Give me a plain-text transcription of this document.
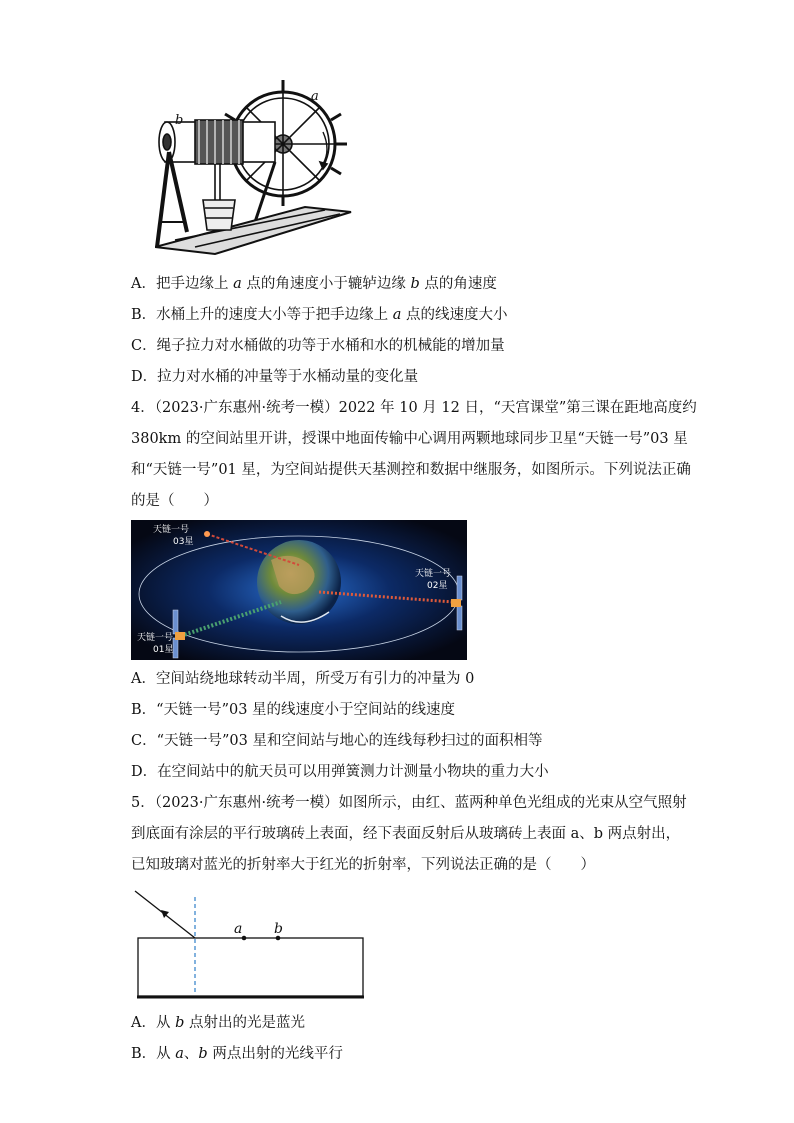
a
b
A．把手边缘上 a 点的角速度小于辘轳边缘 b 点的角速度
B．水桶上升的速度大小等于把手边缘上 a 点的线速度大小
C．绳子拉力对水桶做的功等于水桶和水的机械能的增加量
D．拉力对水桶的冲量等于水桶动量的变化量
4．（2023·广东惠州·统考一模）2022 年 10 月 12 日，“天宫课堂”第三课在距地高度约
380km 的空间站里开讲，授课中地面传输中心调用两颗地球同步卫星“天链一号”03 星
和“天链一号”01 星，为空间站提供天基测控和数据中继服务，如图所示。下列说法正确
的是（　　）
天链一号
03星
天链一号
02星
天链一号
01星
A．空间站绕地球转动半周，所受万有引力的冲量为 0
B．“天链一号”03 星的线速度小于空间站的线速度
C．“天链一号”03 星和空间站与地心的连线每秒扫过的面积相等
D．在空间站中的航天员可以用弹簧测力计测量小物块的重力大小
5．（2023·广东惠州·统考一模）如图所示，由红、蓝两种单色光组成的光束从空气照射
到底面有涂层的平行玻璃砖上表面，经下表面反射后从玻璃砖上表面 a、b 两点射出，
已知玻璃对蓝光的折射率大于红光的折射率，下列说法正确的是（　　）
a b
A．从 b 点射出的光是蓝光
B．从 a、b 两点出射的光线平行
